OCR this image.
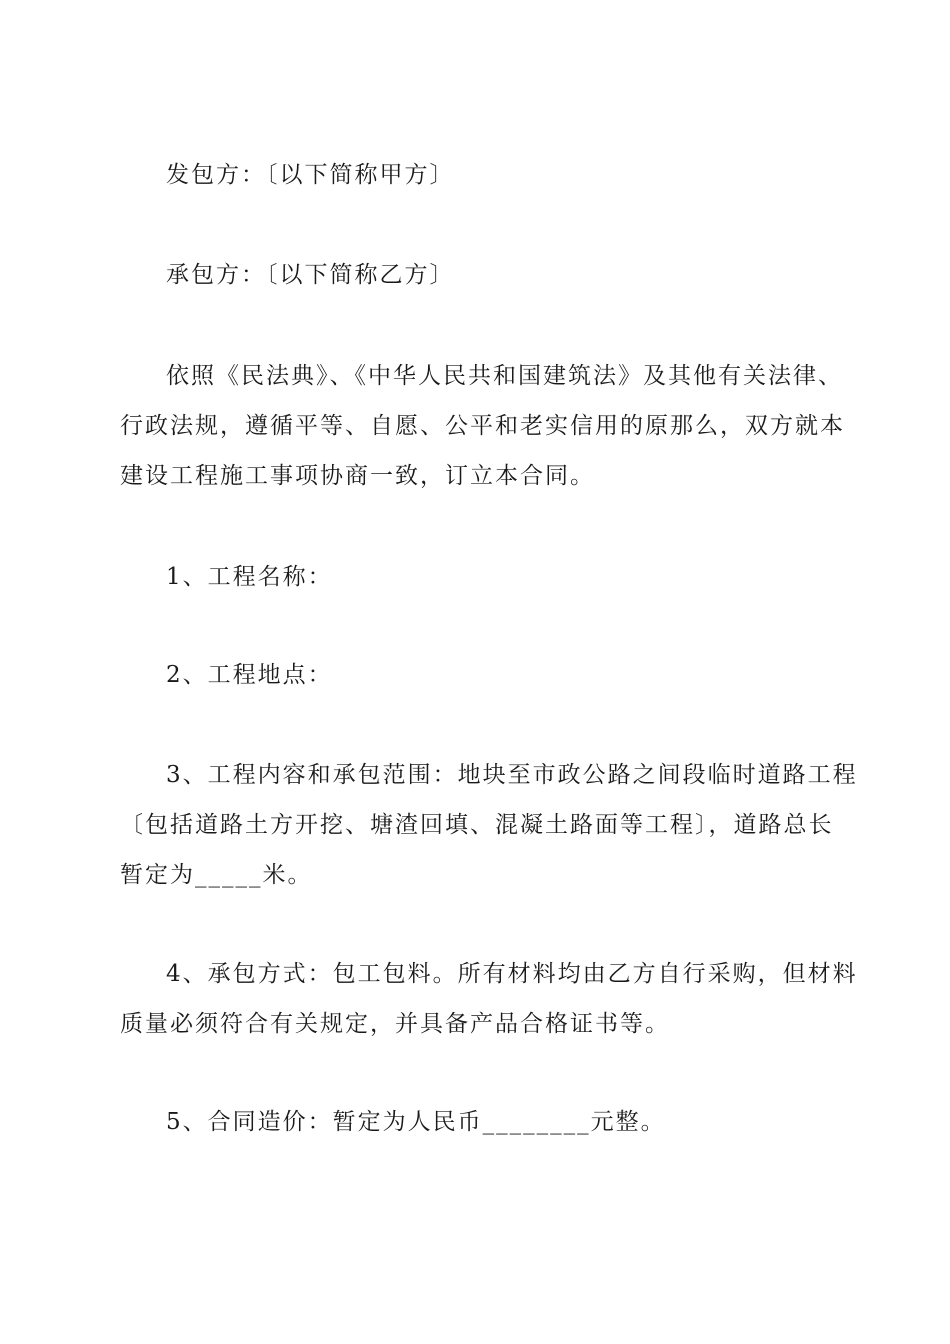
发包方：〔以下简称甲方〕

承包方：〔以下简称乙方〕

依照《民法典》、《中华人民共和国建筑法》及其他有关法律、
行政法规，遵循平等、自愿、公平和老实信用的原那么，双方就本
建设工程施工事项协商一致，订立本合同。

1、工程名称：

2、工程地点：

3、工程内容和承包范围：地块至市政公路之间段临时道路工程
〔包括道路土方开挖、塘渣回填、混凝土路面等工程〕，道路总长
暂定为_____米。

4、承包方式：包工包料。所有材料均由乙方自行采购，但材料
质量必须符合有关规定，并具备产品合格证书等。

5、合同造价：暂定为人民币________元整。
